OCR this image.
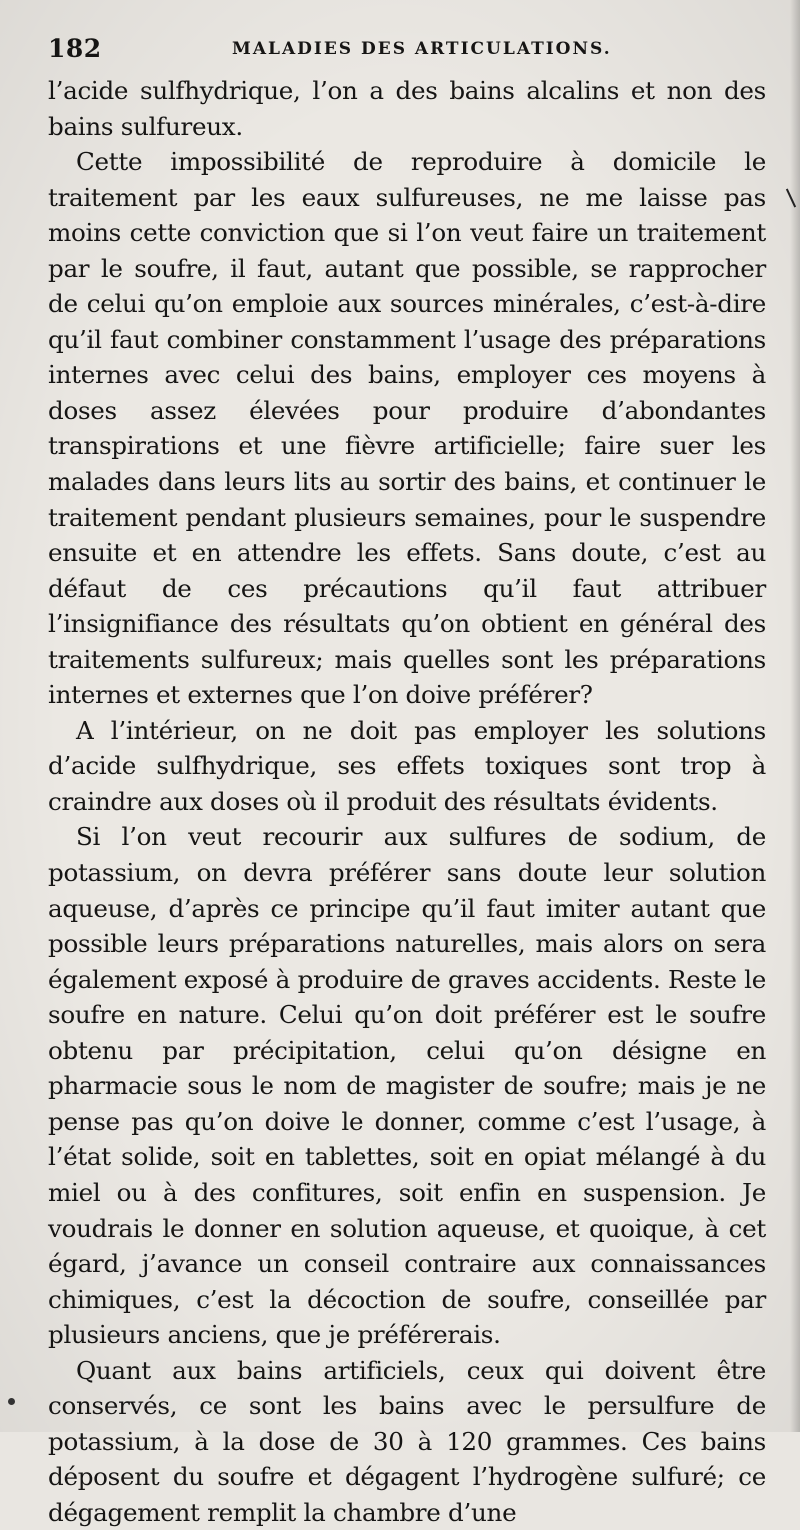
182	MALADIES DES ARTICULATIONS.

l’acide sulfhydrique, l’on a des bains alcalins et non des bains sulfureux.

Cette impossibilité de reproduire à domicile le traitement par les eaux sulfureuses, ne me laisse pas moins cette conviction que si l’on veut faire un traitement par le soufre, il faut, autant que possible, se rapprocher de celui qu’on emploie aux sources minérales, c’est-à-dire qu’il faut combiner constamment l’usage des préparations internes avec celui des bains, employer ces moyens à doses assez élevées pour produire d’abondantes transpirations et une fièvre artificielle; faire suer les malades dans leurs lits au sortir des bains, et continuer le traitement pendant plusieurs semaines, pour le suspendre ensuite et en attendre les effets. Sans doute, c’est au défaut de ces précautions qu’il faut attribuer l’insignifiance des résultats qu’on obtient en général des traitements sulfureux; mais quelles sont les préparations internes et externes que l’on doive préférer?

A l’intérieur, on ne doit pas employer les solutions d’acide sulfhydrique, ses effets toxiques sont trop à craindre aux doses où il produit des résultats évidents.

Si l’on veut recourir aux sulfures de sodium, de potassium, on devra préférer sans doute leur solution aqueuse, d’après ce principe qu’il faut imiter autant que possible leurs préparations naturelles, mais alors on sera également exposé à produire de graves accidents. Reste le soufre en nature. Celui qu’on doit préférer est le soufre obtenu par précipitation, celui qu’on désigne en pharmacie sous le nom de magister de soufre; mais je ne pense pas qu’on doive le donner, comme c’est l’usage, à l’état solide, soit en tablettes, soit en opiat mélangé à du miel ou à des confitures, soit enfin en suspension. Je voudrais le donner en solution aqueuse, et quoique, à cet égard, j’avance un conseil contraire aux connaissances chimiques, c’est la décoction de soufre, conseillée par plusieurs anciens, que je préférerais.

Quant aux bains artificiels, ceux qui doivent être conservés, ce sont les bains avec le persulfure de potassium, à la dose de 30 à 120 grammes. Ces bains déposent du soufre et dégagent l’hydrogène sulfuré; ce dégagement remplit la chambre d’une
